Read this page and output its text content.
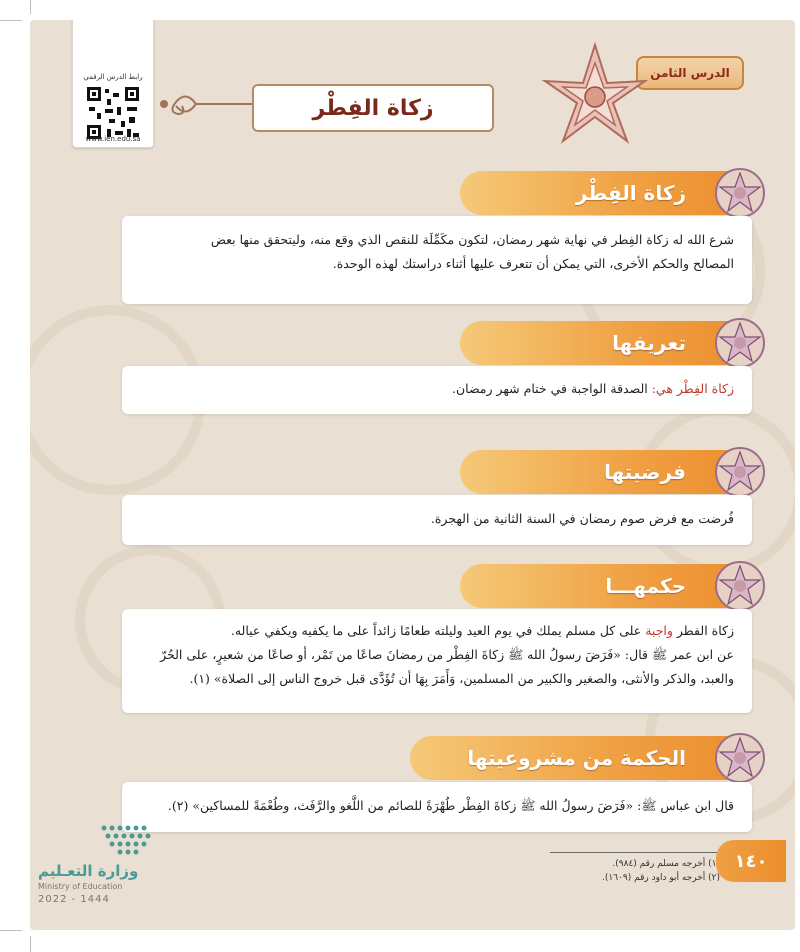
الدرس الثامن
زكاة الفِطْر
رابط الدرس الرقمي
www.ien.edu.sa
زكاة الفِطْر
شرع الله له زكاة الفِطر في نهاية شهر رمضان، لتكون مكَمِّلَة للنقص الذي وقع منه، وليتحقق منها بعض
المصالح والحكم الأخرى، التي يمكن أن تتعرف عليها أثناء دراستك لهذه الوحدة.
تعريفها
زكاة الفِطْر هي: الصدقة الواجبة في ختام شهر رمضان.
فرضيتها
فُرضت مع فرض صوم رمضان في السنة الثانية من الهجرة.
حكمهـــا
زكاة الفطر واجبة على كل مسلم يملك في يوم العيد وليلته طعامًا زائداً على ما يكفيه ويكفي عياله.
عن ابن عمر ﷺ قال: «فَرَضَ رسولُ الله ﷺ زكاةَ الفِطْر من رمضانَ صاعًا من تَمْر، أو صاعًا من شعيرٍ، على الحُرّ
والعبد، والذكر والأنثى، والصغير والكبير من المسلمين، وَأَمَرَ بِهَا أن تُؤَدَّى قبل خروج الناس إلى الصلاة» (١).
الحكمة من مشروعيتها
قال ابن عباس ﷺ: «فَرَضَ رسولُ الله ﷺ زكاةَ الفِطْر طُهْرَةً للصائم من اللَّغو والرَّفَث، وطُعْمَةً للمساكين» (٢).
١) أخرجه مسلم رقم (٩٨٤).
(٢) أخرجه أبو داود رقم (١٦٠٩).
١٤٠
وزارة التعـليم
Ministry of Education
2022 - 1444
